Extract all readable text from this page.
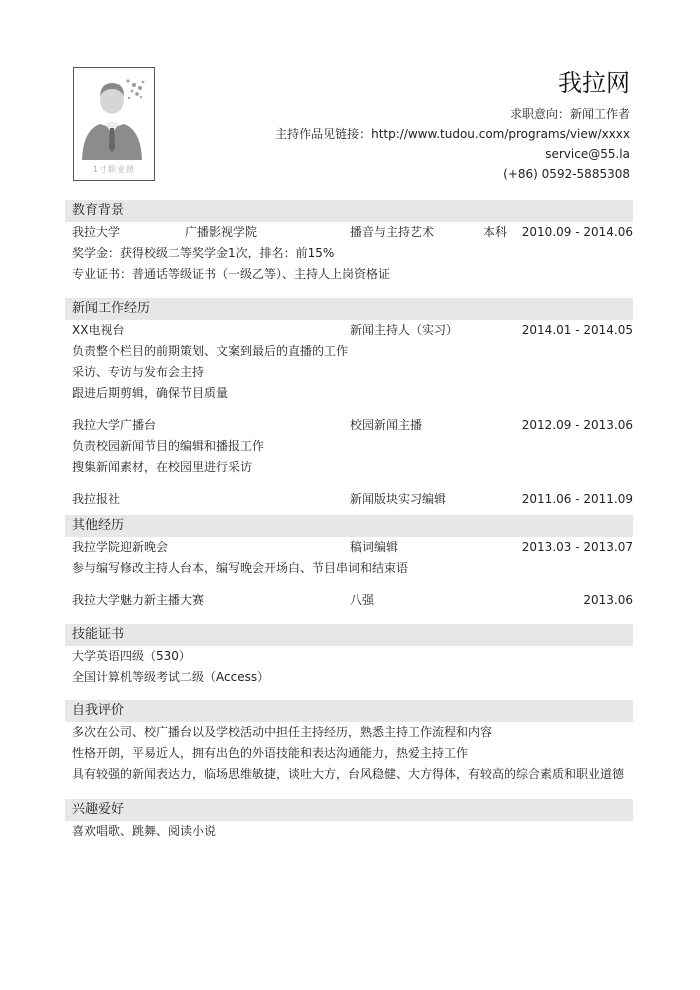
1寸职业照
我拉网
求职意向：新闻工作者
主持作品见链接：http://www.tudou.com/programs/view/xxxx
service@55.la
(+86) 0592-5885308
教育背景
我拉大学	广播影视学院	播音与主持艺术	本科 2010.09 - 2014.06
奖学金：获得校级二等奖学金1次，排名：前15%
专业证书：普通话等级证书（一级乙等）、主持人上岗资格证
新闻工作经历
XX电视台	新闻主持人（实习）	2014.01 - 2014.05
负责整个栏目的前期策划、文案到最后的直播的工作
采访、专访与发布会主持
跟进后期剪辑，确保节目质量
我拉大学广播台	校园新闻主播	2012.09 - 2013.06
负责校园新闻节目的编辑和播报工作
搜集新闻素材，在校园里进行采访
我拉报社	新闻版块实习编辑	2011.06 - 2011.09
其他经历
我拉学院迎新晚会	稿词编辑	2013.03 - 2013.07
参与编写修改主持人台本，编写晚会开场白、节目串词和结束语
我拉大学魅力新主播大赛	八强	2013.06
技能证书
大学英语四级（530）
全国计算机等级考试二级（Access）
自我评价
多次在公司、校广播台以及学校活动中担任主持经历，熟悉主持工作流程和内容
性格开朗，平易近人，拥有出色的外语技能和表达沟通能力，热爱主持工作
具有较强的新闻表达力，临场思维敏捷，谈吐大方，台风稳健、大方得体，有较高的综合素质和职业道德
兴趣爱好
喜欢唱歌、跳舞、阅读小说
